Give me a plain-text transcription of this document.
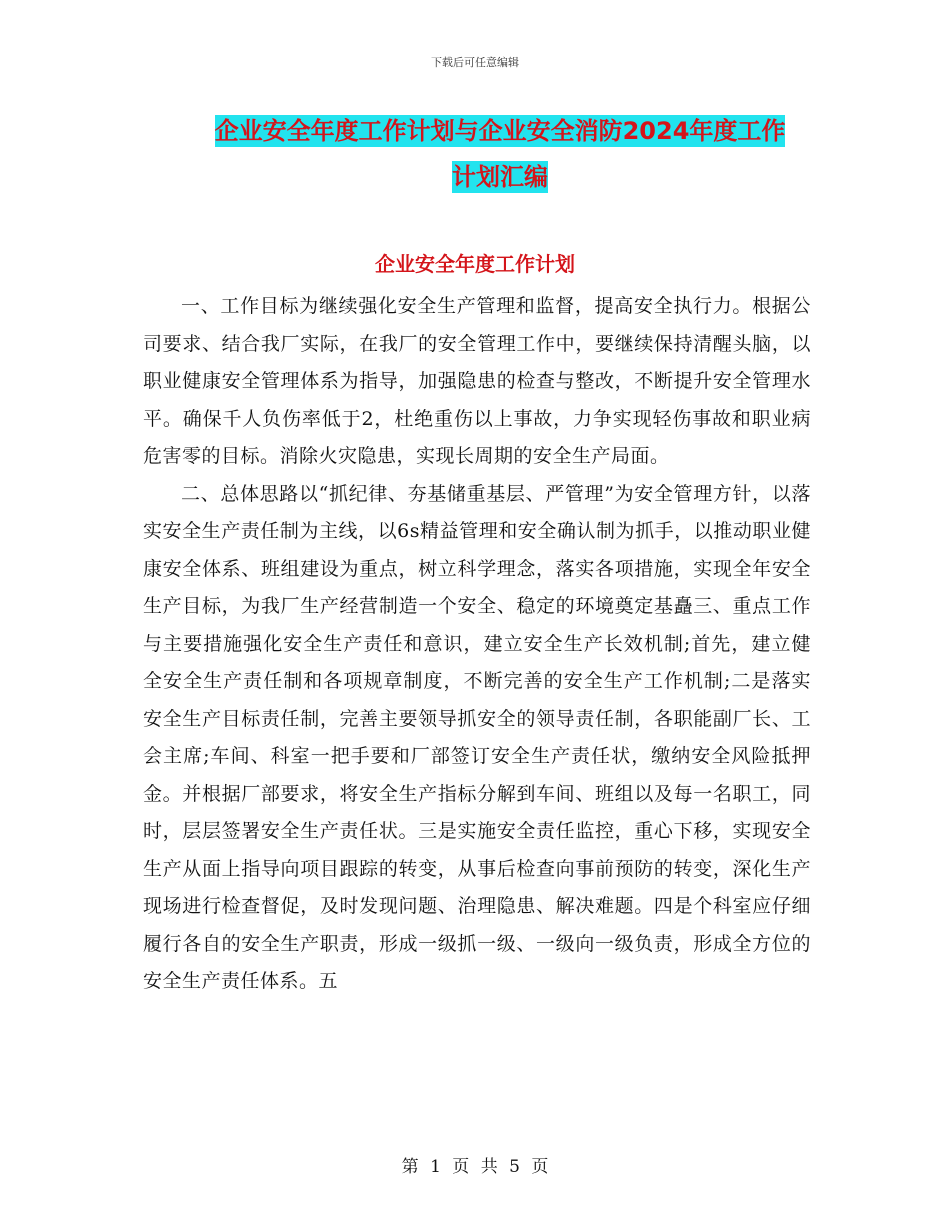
下载后可任意编辑
企业安全年度工作计划与企业安全消防2024年度工作
计划汇编
企业安全年度工作计划

一、工作目标为继续强化安全生产管理和监督，提高安全执行力。根据公司要求、结合我厂实际，在我厂的安全管理工作中，要继续保持清醒头脑，以职业健康安全管理体系为指导，加强隐患的检查与整改，不断提升安全管理水平。确保千人负伤率低于2，杜绝重伤以上事故，力争实现轻伤事故和职业病危害零的目标。消除火灾隐患，实现长周期的安全生产局面。

二、总体思路以“抓纪律、夯基储重基层、严管理”为安全管理方针，以落实安全生产责任制为主线，以6s精益管理和安全确认制为抓手，以推动职业健康安全体系、班组建设为重点，树立科学理念，落实各项措施，实现全年安全生产目标，为我厂生产经营制造一个安全、稳定的环境奠定基矗三、重点工作与主要措施强化安全生产责任和意识，建立安全生产长效机制;首先，建立健全安全生产责任制和各项规章制度，不断完善的安全生产工作机制;二是落实安全生产目标责任制，完善主要领导抓安全的领导责任制，各职能副厂长、工会主席;车间、科室一把手要和厂部签订安全生产责任状，缴纳安全风险抵押金。并根据厂部要求，将安全生产指标分解到车间、班组以及每一名职工，同时，层层签署安全生产责任状。三是实施安全责任监控，重心下移，实现安全生产从面上指导向项目跟踪的转变，从事后检查向事前预防的转变，深化生产现场进行检查督促，及时发现问题、治理隐患、解决难题。四是个科室应仔细履行各自的安全生产职责，形成一级抓一级、一级向一级负责，形成全方位的安全生产责任体系。五

第 1 页 共 5 页
